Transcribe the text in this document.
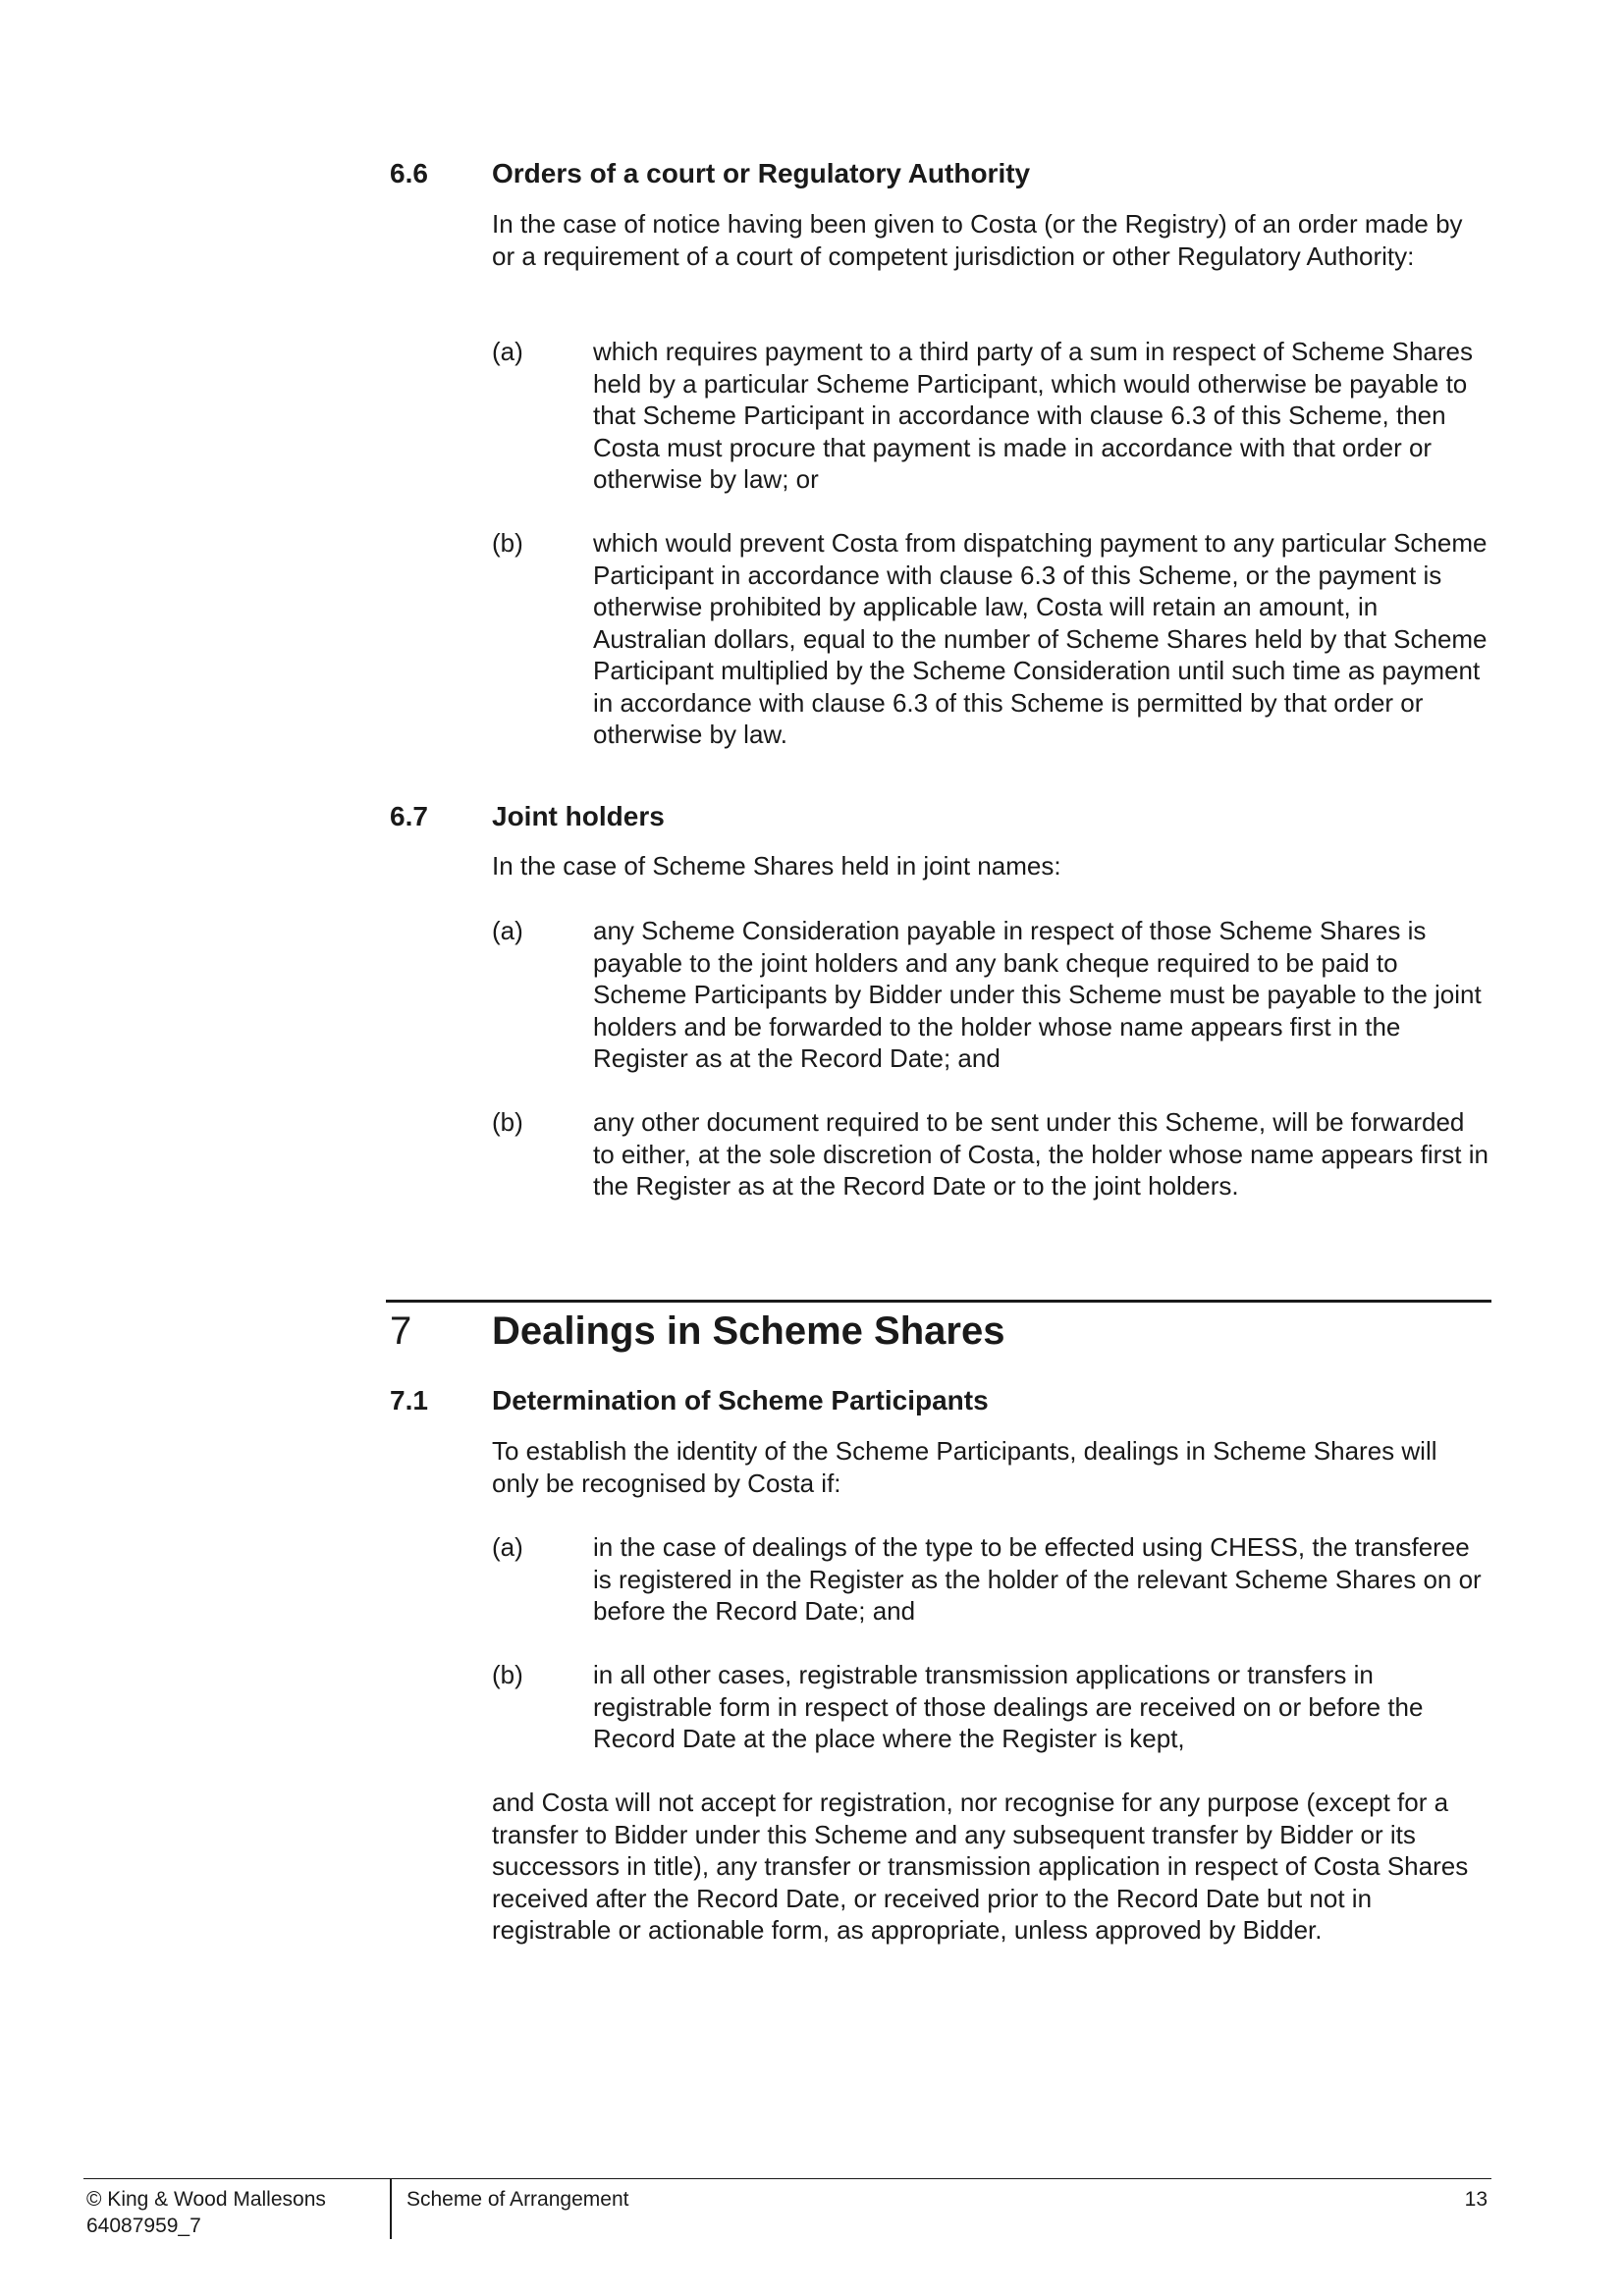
6.6 Orders of a court or Regulatory Authority
In the case of notice having been given to Costa (or the Registry) of an order made by or a requirement of a court of competent jurisdiction or other Regulatory Authority:
(a)	which requires payment to a third party of a sum in respect of Scheme Shares held by a particular Scheme Participant, which would otherwise be payable to that Scheme Participant in accordance with clause 6.3 of this Scheme, then Costa must procure that payment is made in accordance with that order or otherwise by law; or
(b)	which would prevent Costa from dispatching payment to any particular Scheme Participant in accordance with clause 6.3 of this Scheme, or the payment is otherwise prohibited by applicable law, Costa will retain an amount, in Australian dollars, equal to the number of Scheme Shares held by that Scheme Participant multiplied by the Scheme Consideration until such time as payment in accordance with clause 6.3 of this Scheme is permitted by that order or otherwise by law.
6.7 Joint holders
In the case of Scheme Shares held in joint names:
(a)	any Scheme Consideration payable in respect of those Scheme Shares is payable to the joint holders and any bank cheque required to be paid to Scheme Participants by Bidder under this Scheme must be payable to the joint holders and be forwarded to the holder whose name appears first in the Register as at the Record Date; and
(b)	any other document required to be sent under this Scheme, will be forwarded to either, at the sole discretion of Costa, the holder whose name appears first in the Register as at the Record Date or to the joint holders.
7 Dealings in Scheme Shares
7.1 Determination of Scheme Participants
To establish the identity of the Scheme Participants, dealings in Scheme Shares will only be recognised by Costa if:
(a)	in the case of dealings of the type to be effected using CHESS, the transferee is registered in the Register as the holder of the relevant Scheme Shares on or before the Record Date; and
(b)	in all other cases, registrable transmission applications or transfers in registrable form in respect of those dealings are received on or before the Record Date at the place where the Register is kept,
and Costa will not accept for registration, nor recognise for any purpose (except for a transfer to Bidder under this Scheme and any subsequent transfer by Bidder or its successors in title), any transfer or transmission application in respect of Costa Shares received after the Record Date, or received prior to the Record Date but not in registrable or actionable form, as appropriate, unless approved by Bidder.
© King & Wood Mallesons
64087959_7
Scheme of Arrangement	13
